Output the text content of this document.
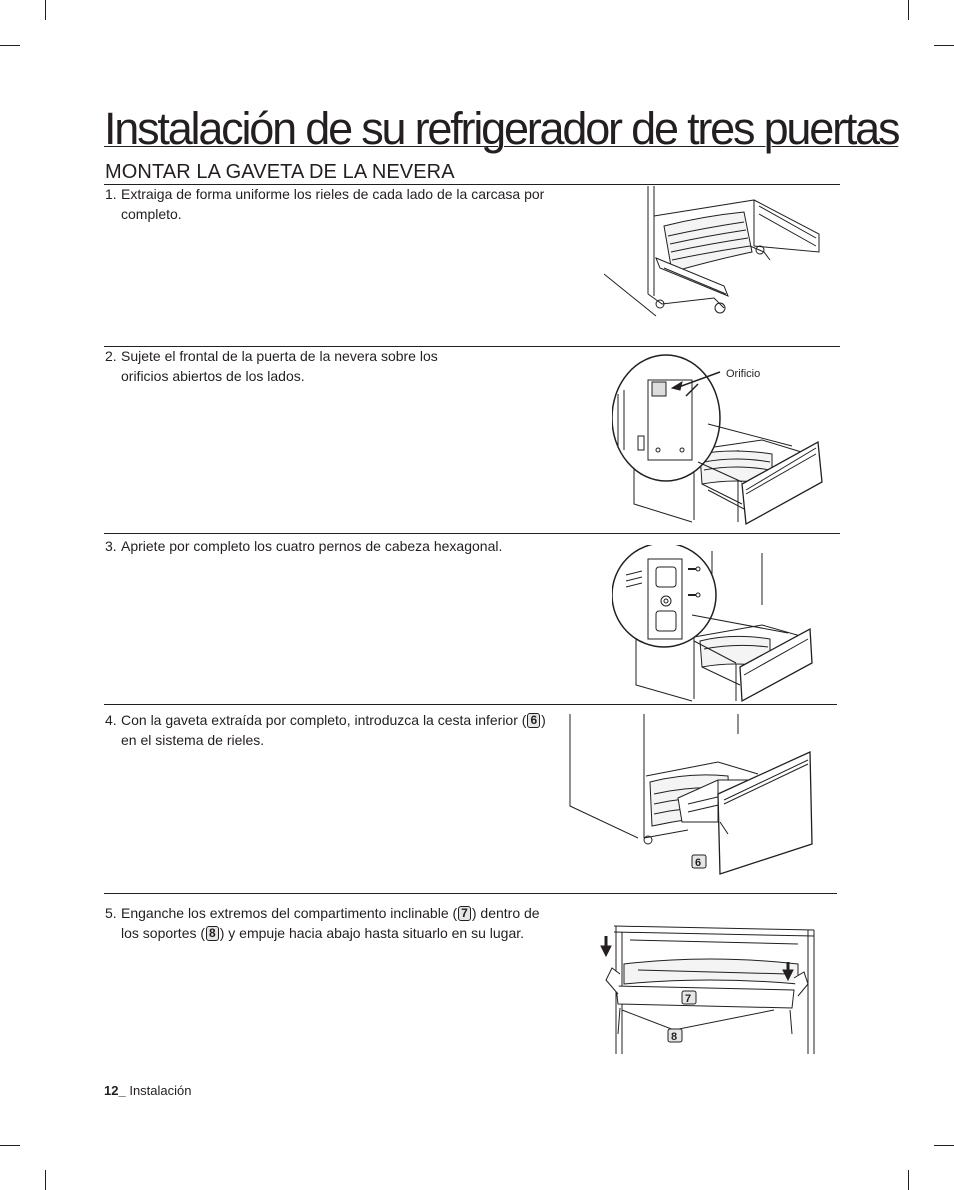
Instalación de su refrigerador de tres puertas
MONTAR LA GAVETA DE LA NEVERA
1. Extraiga de forma uniforme los rieles de cada lado de la carcasa por completo.
2. Sujete el frontal de la puerta de la nevera sobre los orificios abiertos de los lados.	Orificio
3. Apriete por completo los cuatro pernos de cabeza hexagonal.
4. Con la gaveta extraída por completo, introduzca la cesta inferior ( 6 ) en el sistema de rieles.
6
5. Enganche los extremos del compartimento inclinable ( 7 ) dentro de los soportes ( 8 ) y empuje hacia abajo hasta situarlo en su lugar.
7
8
12_ Instalación
